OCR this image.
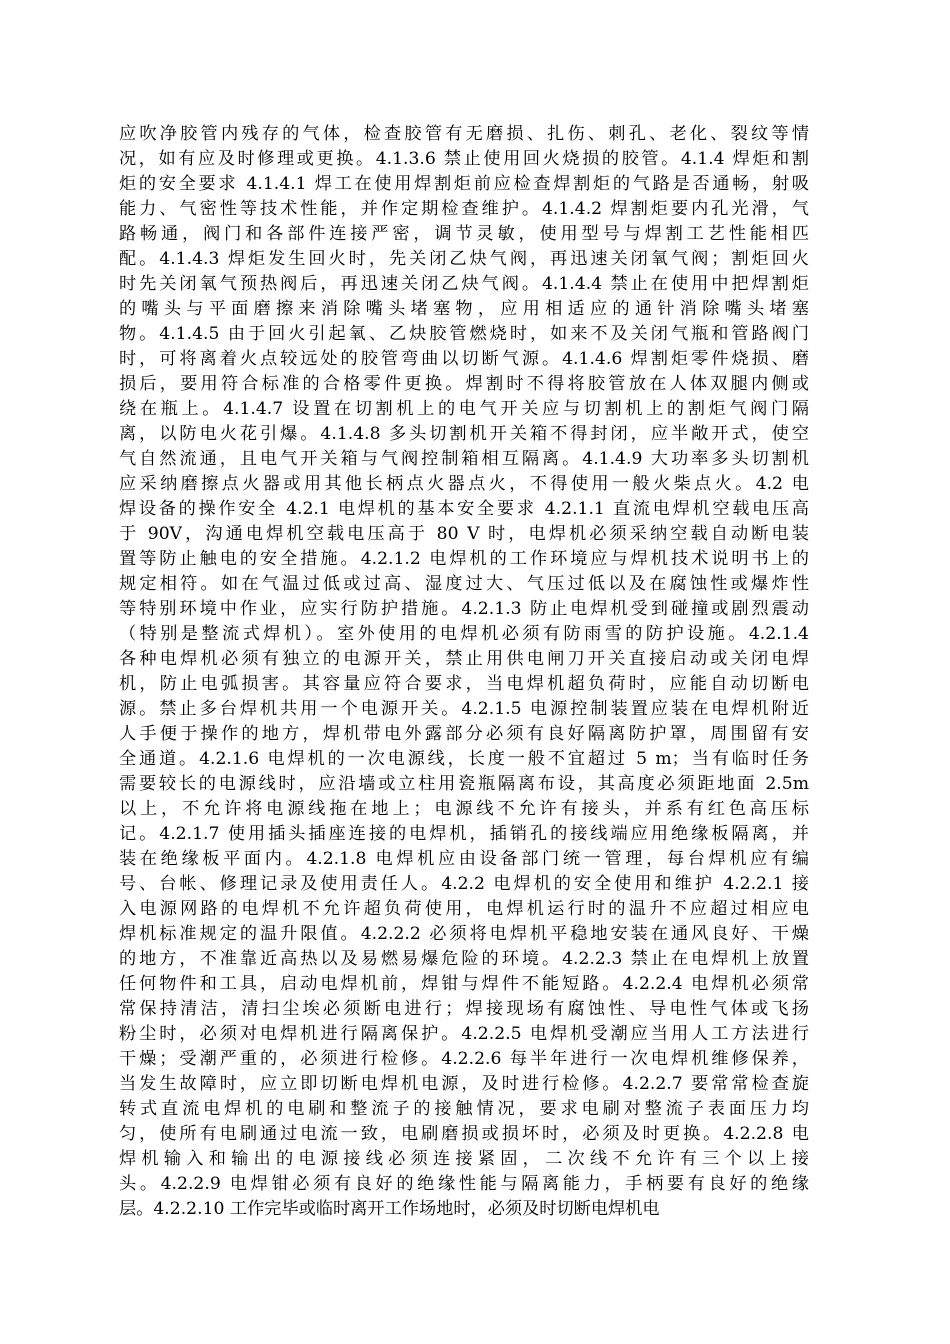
应吹净胶管内残存的气体，检查胶管有无磨损、扎伤、刺孔、老化、裂纹等情
况，如有应及时修理或更换。4.1.3.6 禁止使用回火烧损的胶管。4.1.4 焊炬和割
炬的安全要求 4.1.4.1 焊工在使用焊割炬前应检查焊割炬的气路是否通畅，射吸
能力、气密性等技术性能，并作定期检查维护。4.1.4.2 焊割炬要内孔光滑，气
路畅通，阀门和各部件连接严密，调节灵敏，使用型号与焊割工艺性能相匹
配。4.1.4.3 焊炬发生回火时，先关闭乙炔气阀，再迅速关闭氧气阀；割炬回火
时先关闭氧气预热阀后，再迅速关闭乙炔气阀。4.1.4.4 禁止在使用中把焊割炬
的嘴头与平面磨擦来消除嘴头堵塞物，应用相适应的通针消除嘴头堵塞
物。4.1.4.5 由于回火引起氧、乙炔胶管燃烧时，如来不及关闭气瓶和管路阀门
时，可将离着火点较远处的胶管弯曲以切断气源。4.1.4.6 焊割炬零件烧损、磨
损后，要用符合标准的合格零件更换。焊割时不得将胶管放在人体双腿内侧或
绕在瓶上。4.1.4.7 设置在切割机上的电气开关应与切割机上的割炬气阀门隔
离，以防电火花引爆。4.1.4.8 多头切割机开关箱不得封闭，应半敞开式，使空
气自然流通，且电气开关箱与气阀控制箱相互隔离。4.1.4.9 大功率多头切割机
应采纳磨擦点火器或用其他长柄点火器点火，不得使用一般火柴点火。4.2 电
焊设备的操作安全 4.2.1 电焊机的基本安全要求 4.2.1.1 直流电焊机空载电压高
于 90V，沟通电焊机空载电压高于 80 V 时，电焊机必须采纳空载自动断电装
置等防止触电的安全措施。4.2.1.2 电焊机的工作环境应与焊机技术说明书上的
规定相符。如在气温过低或过高、湿度过大、气压过低以及在腐蚀性或爆炸性
等特别环境中作业，应实行防护措施。4.2.1.3 防止电焊机受到碰撞或剧烈震动
（特别是整流式焊机）。室外使用的电焊机必须有防雨雪的防护设施。4.2.1.4
各种电焊机必须有独立的电源开关，禁止用供电闸刀开关直接启动或关闭电焊
机，防止电弧损害。其容量应符合要求，当电焊机超负荷时，应能自动切断电
源。禁止多台焊机共用一个电源开关。4.2.1.5 电源控制装置应装在电焊机附近
人手便于操作的地方，焊机带电外露部分必须有良好隔离防护罩，周围留有安
全通道。4.2.1.6 电焊机的一次电源线，长度一般不宜超过 5 m；当有临时任务
需要较长的电源线时，应沿墙或立柱用瓷瓶隔离布设，其高度必须距地面 2.5m
以上，不允许将电源线拖在地上；电源线不允许有接头，并系有红色高压标
记。4.2.1.7 使用插头插座连接的电焊机，插销孔的接线端应用绝缘板隔离，并
装在绝缘板平面内。4.2.1.8 电焊机应由设备部门统一管理，每台焊机应有编
号、台帐、修理记录及使用责任人。4.2.2 电焊机的安全使用和维护 4.2.2.1 接
入电源网路的电焊机不允许超负荷使用，电焊机运行时的温升不应超过相应电
焊机标准规定的温升限值。4.2.2.2 必须将电焊机平稳地安装在通风良好、干燥
的地方，不准靠近高热以及易燃易爆危险的环境。4.2.2.3 禁止在电焊机上放置
任何物件和工具，启动电焊机前，焊钳与焊件不能短路。4.2.2.4 电焊机必须常
常保持清洁，清扫尘埃必须断电进行；焊接现场有腐蚀性、导电性气体或飞扬
粉尘时，必须对电焊机进行隔离保护。4.2.2.5 电焊机受潮应当用人工方法进行
干燥；受潮严重的，必须进行检修。4.2.2.6 每半年进行一次电焊机维修保养，
当发生故障时，应立即切断电焊机电源，及时进行检修。4.2.2.7 要常常检查旋
转式直流电焊机的电刷和整流子的接触情况，要求电刷对整流子表面压力均
匀，使所有电刷通过电流一致，电刷磨损或损坏时，必须及时更换。4.2.2.8 电
焊机输入和输出的电源接线必须连接紧固，二次线不允许有三个以上接
头。4.2.2.9 电焊钳必须有良好的绝缘性能与隔离能力，手柄要有良好的绝缘
层。4.2.2.10 工作完毕或临时离开工作场地时，必须及时切断电焊机电
